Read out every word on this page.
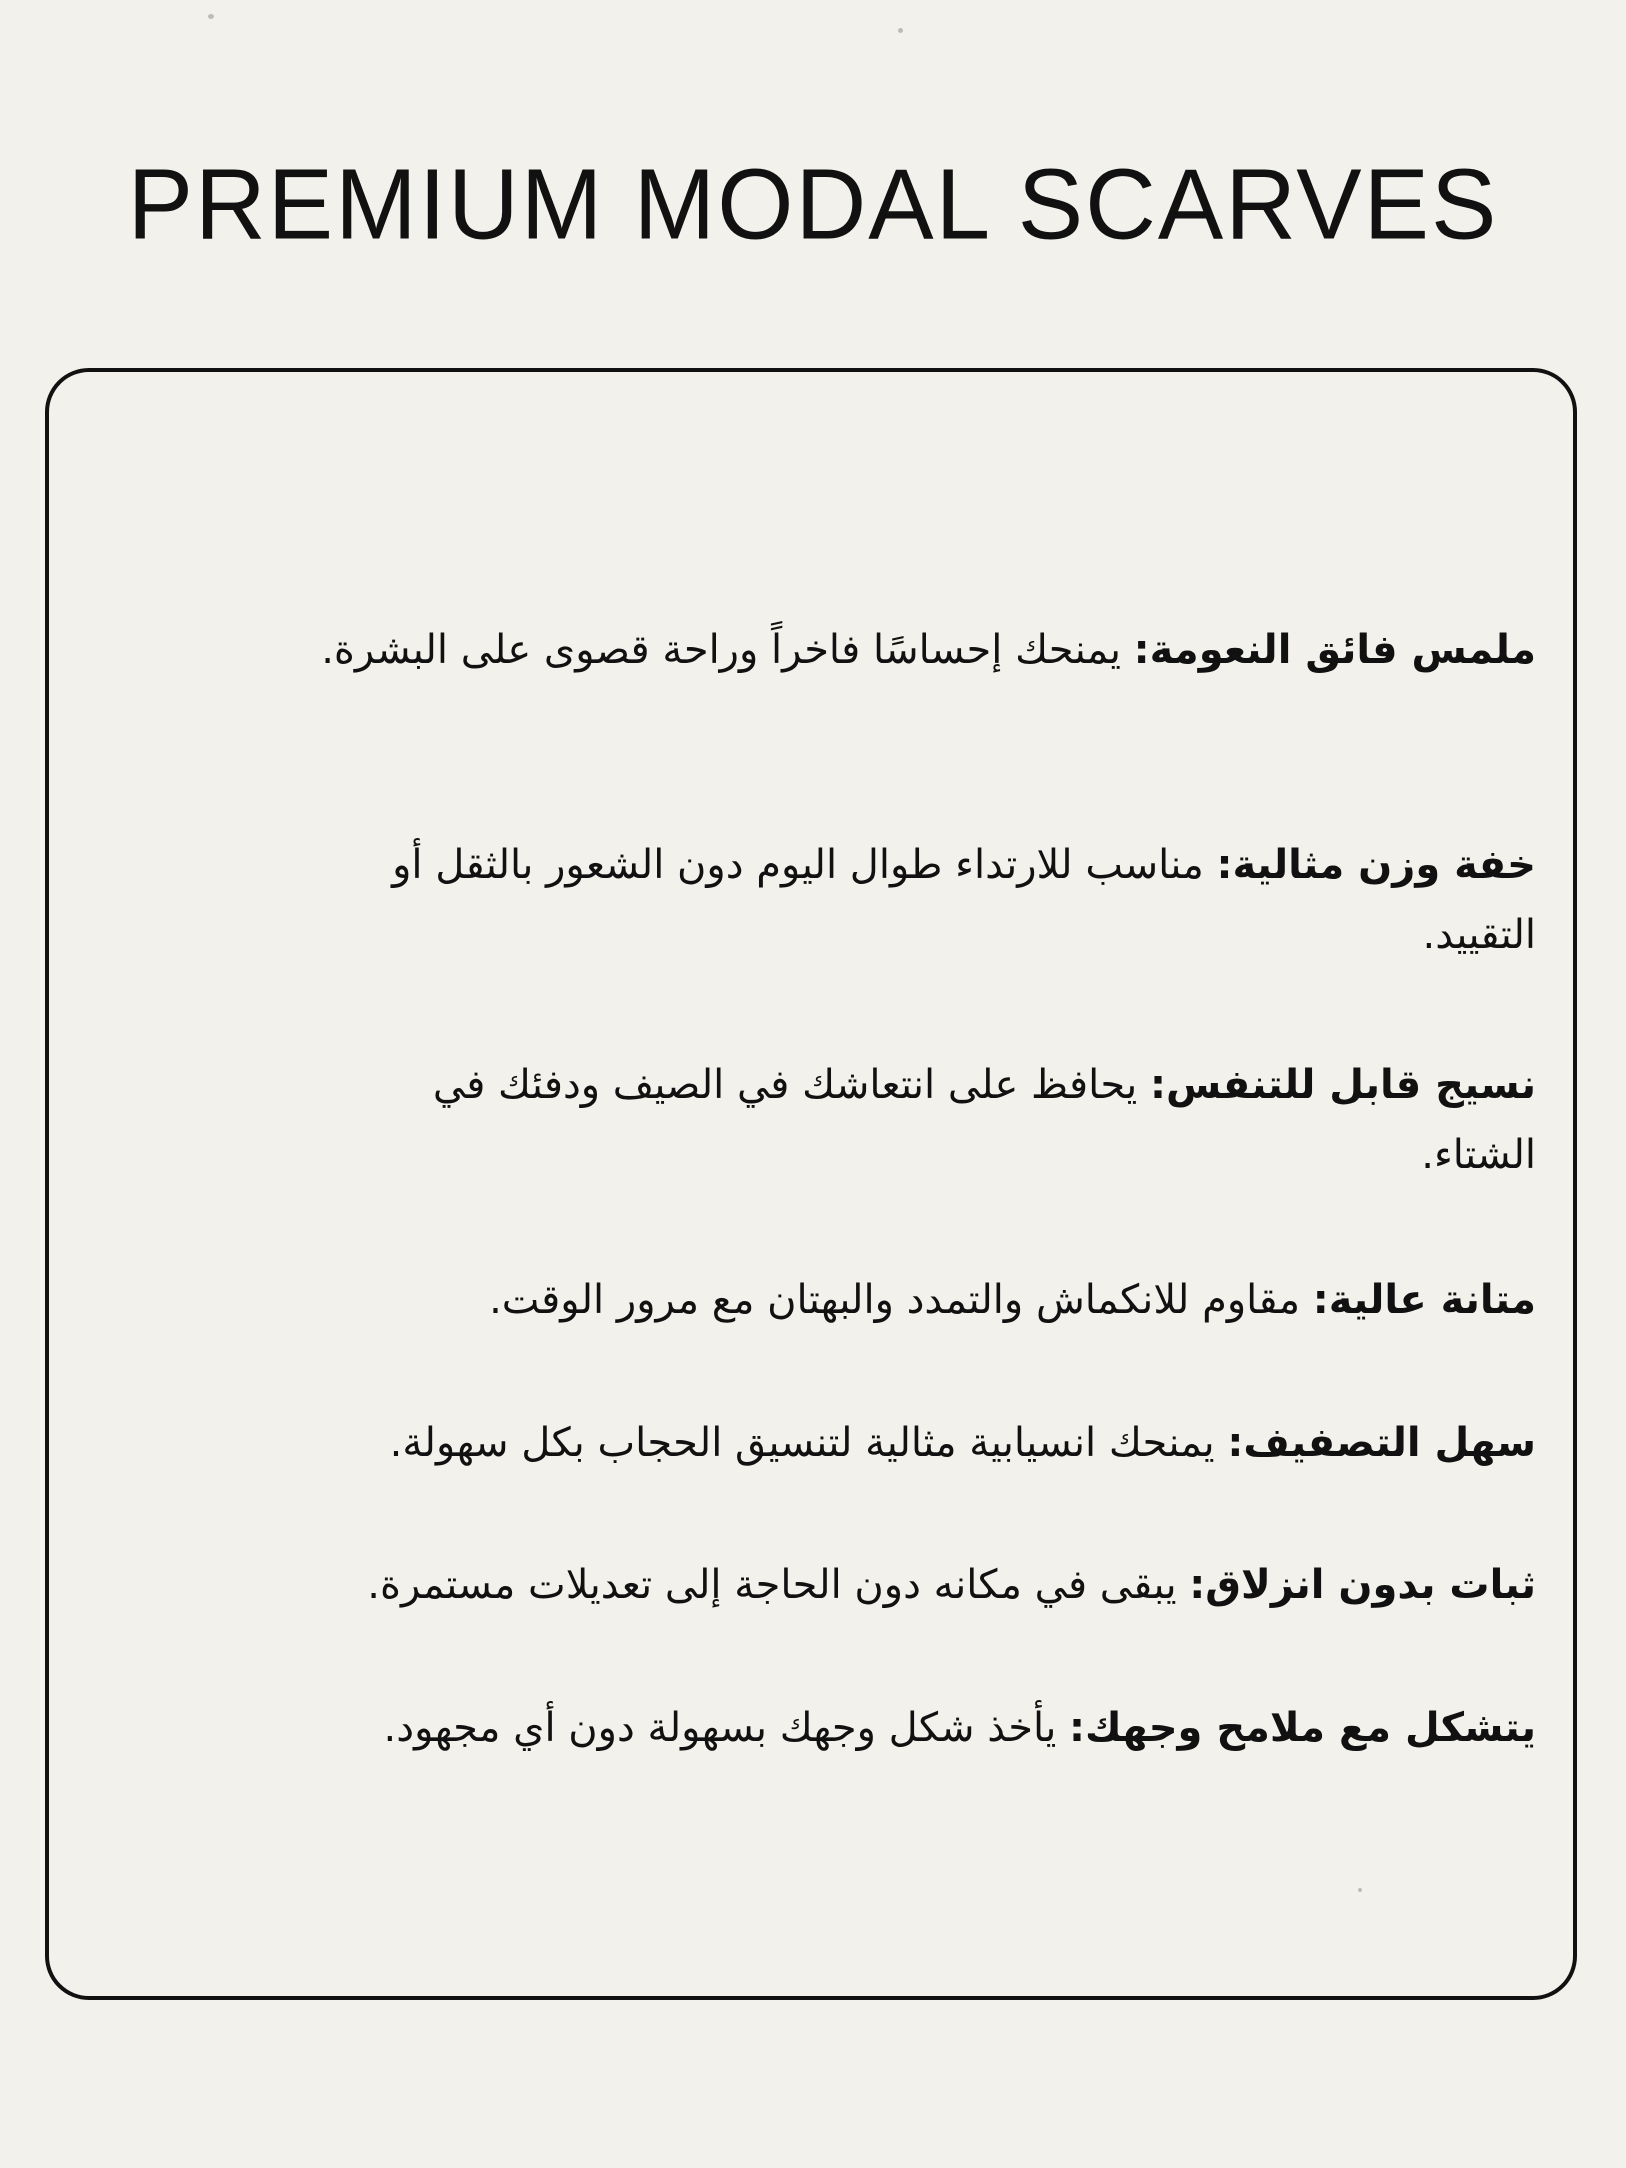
PREMIUM MODAL SCARVES

ملمس فائق النعومة: يمنحك إحساسًا فاخراً وراحة قصوى على البشرة.

خفة وزن مثالية: مناسب للارتداء طوال اليوم دون الشعور بالثقل أو التقييد.

نسيج قابل للتنفس: يحافظ على انتعاشك في الصيف ودفئك في الشتاء.

متانة عالية: مقاوم للانكماش والتمدد والبهتان مع مرور الوقت.

سهل التصفيف: يمنحك انسيابية مثالية لتنسيق الحجاب بكل سهولة.

ثبات بدون انزلاق: يبقى في مكانه دون الحاجة إلى تعديلات مستمرة.

يتشكل مع ملامح وجهك: يأخذ شكل وجهك بسهولة دون أي مجهود.
